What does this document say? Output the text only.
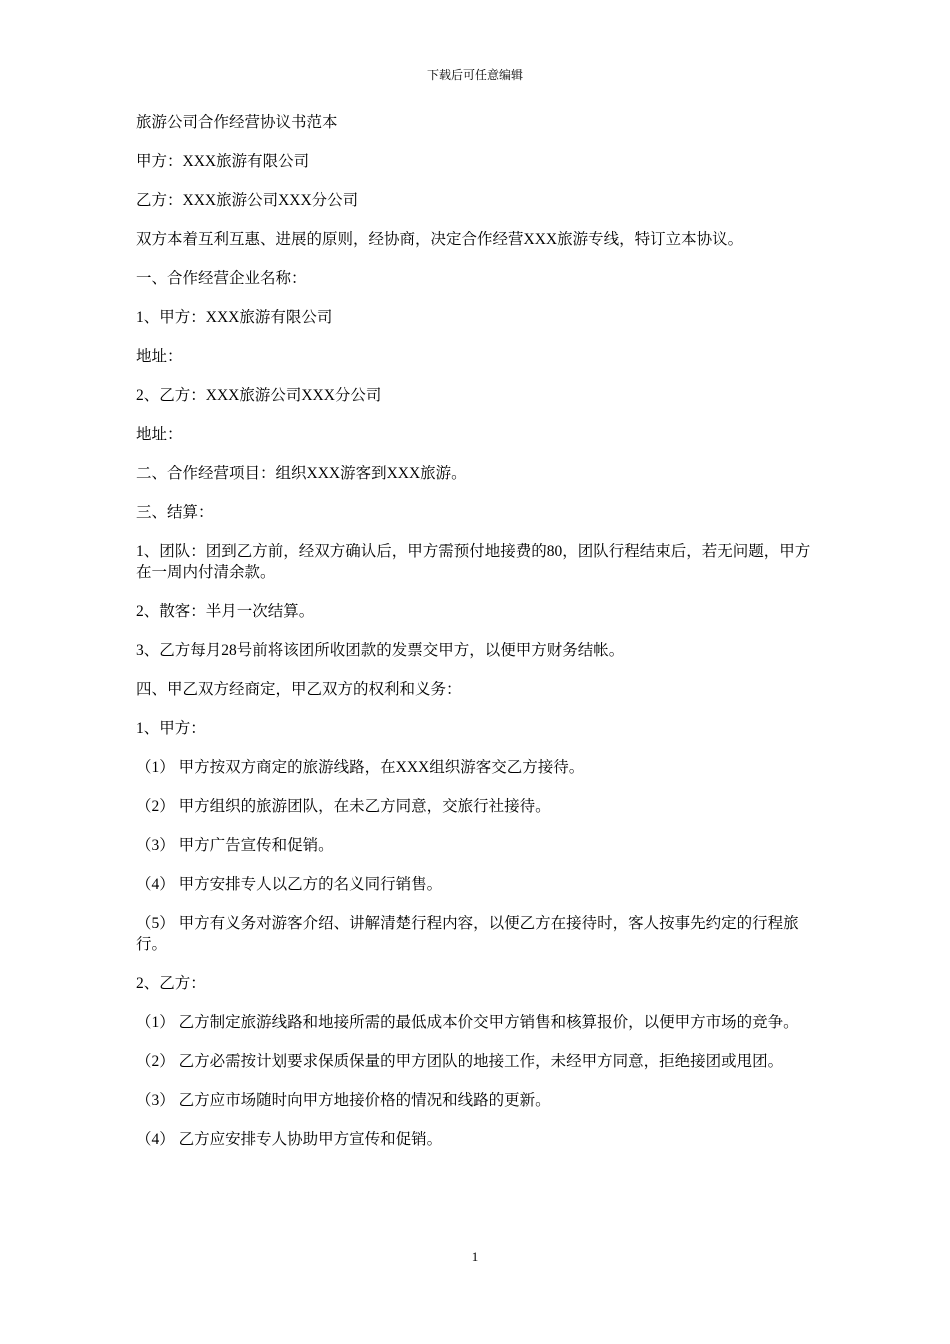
下载后可任意编辑

旅游公司合作经营协议书范本

甲方：XXX旅游有限公司

乙方：XXX旅游公司XXX分公司

双方本着互利互惠、进展的原则，经协商，决定合作经营XXX旅游专线，特订立本协议。

一、合作经营企业名称：

1、甲方：XXX旅游有限公司

地址：

2、乙方：XXX旅游公司XXX分公司

地址：

二、合作经营项目：组织XXX游客到XXX旅游。

三、结算：

1、团队：团到乙方前，经双方确认后，甲方需预付地接费的80，团队行程结束后，若无问题，甲方在一周内付清余款。

2、散客：半月一次结算。

3、乙方每月28号前将该团所收团款的发票交甲方，以便甲方财务结帐。

四、甲乙双方经商定，甲乙双方的权利和义务：

1、甲方：

（1） 甲方按双方商定的旅游线路，在XXX组织游客交乙方接待。

（2） 甲方组织的旅游团队，在未乙方同意，交旅行社接待。

（3） 甲方广告宣传和促销。

（4） 甲方安排专人以乙方的名义同行销售。

（5） 甲方有义务对游客介绍、讲解清楚行程内容，以便乙方在接待时，客人按事先约定的行程旅行。

2、乙方：

（1） 乙方制定旅游线路和地接所需的最低成本价交甲方销售和核算报价，以便甲方市场的竞争。

（2） 乙方必需按计划要求保质保量的甲方团队的地接工作，未经甲方同意，拒绝接团或甩团。

（3） 乙方应市场随时向甲方地接价格的情况和线路的更新。

（4） 乙方应安排专人协助甲方宣传和促销。

1
